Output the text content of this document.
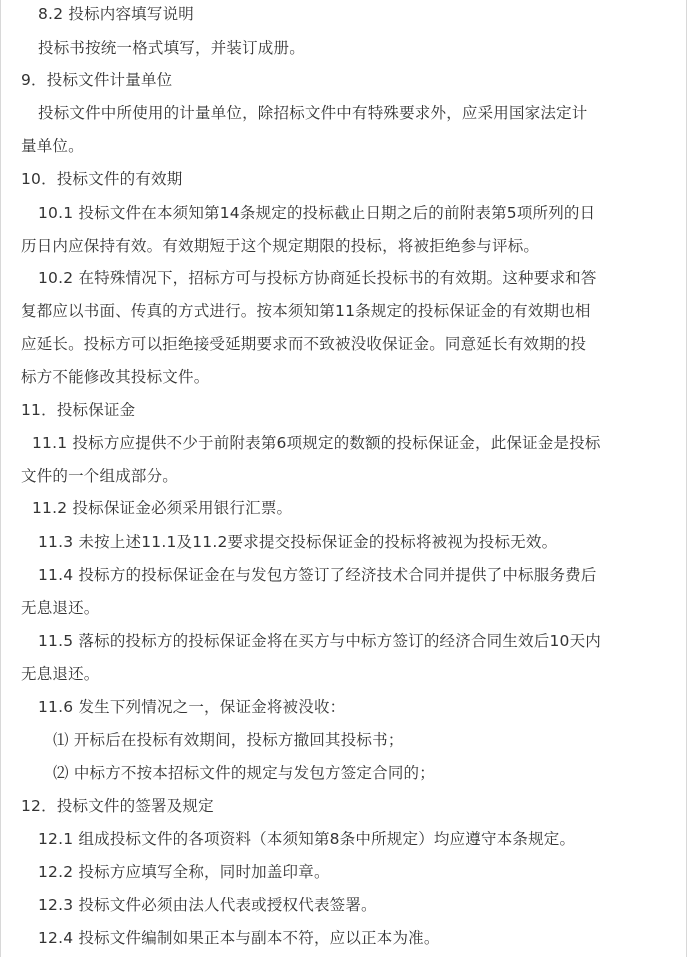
8.2 投标内容填写说明
投标书按统一格式填写，并装订成册。
9．投标文件计量单位
投标文件中所使用的计量单位，除招标文件中有特殊要求外，应采用国家法定计
量单位。
10．投标文件的有效期
10.1 投标文件在本须知第14条规定的投标截止日期之后的前附表第5项所列的日
历日内应保持有效。有效期短于这个规定期限的投标，将被拒绝参与评标。
10.2 在特殊情况下，招标方可与投标方协商延长投标书的有效期。这种要求和答
复都应以书面、传真的方式进行。按本须知第11条规定的投标保证金的有效期也相
应延长。投标方可以拒绝接受延期要求而不致被没收保证金。同意延长有效期的投
标方不能修改其投标文件。
11．投标保证金
11.1 投标方应提供不少于前附表第6项规定的数额的投标保证金，此保证金是投标
文件的一个组成部分。
11.2 投标保证金必须采用银行汇票。
11.3 未按上述11.1及11.2要求提交投标保证金的投标将被视为投标无效。
11.4 投标方的投标保证金在与发包方签订了经济技术合同并提供了中标服务费后
无息退还。
11.5 落标的投标方的投标保证金将在买方与中标方签订的经济合同生效后10天内
无息退还。
11.6 发生下列情况之一，保证金将被没收：
⑴ 开标后在投标有效期间，投标方撤回其投标书；
⑵ 中标方不按本招标文件的规定与发包方签定合同的；
12．投标文件的签署及规定
12.1 组成投标文件的各项资料（本须知第8条中所规定）均应遵守本条规定。
12.2 投标方应填写全称，同时加盖印章。
12.3 投标文件必须由法人代表或授权代表签署。
12.4 投标文件编制如果正本与副本不符，应以正本为准。
